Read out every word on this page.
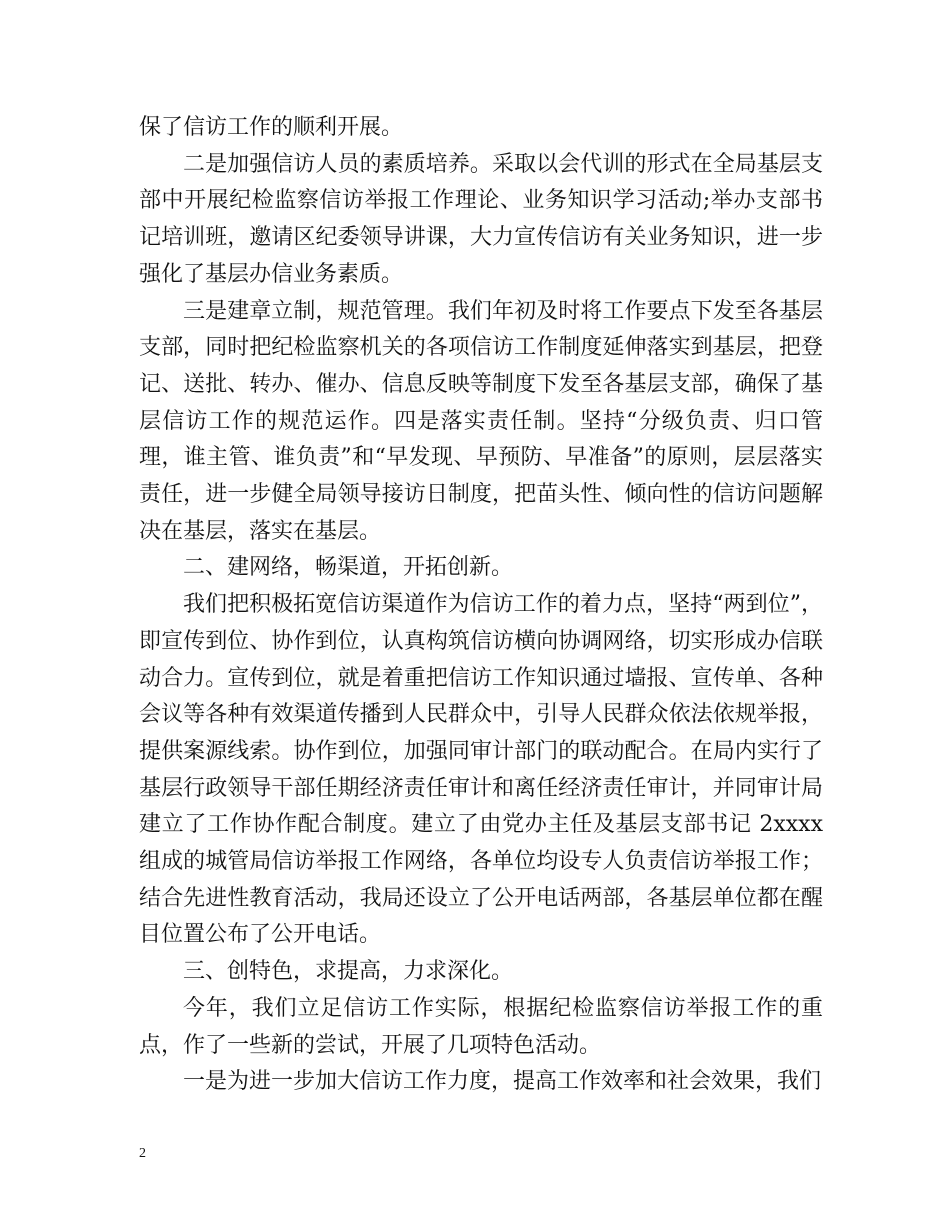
保了信访工作的顺利开展。

二是加强信访人员的素质培养。采取以会代训的形式在全局基层支部中开展纪检监察信访举报工作理论、业务知识学习活动;举办支部书记培训班，邀请区纪委领导讲课，大力宣传信访有关业务知识，进一步强化了基层办信业务素质。

三是建章立制，规范管理。我们年初及时将工作要点下发至各基层支部，同时把纪检监察机关的各项信访工作制度延伸落实到基层，把登记、送批、转办、催办、信息反映等制度下发至各基层支部，确保了基层信访工作的规范运作。四是落实责任制。坚持“分级负责、归口管理，谁主管、谁负责”和“早发现、早预防、早准备”的原则，层层落实责任，进一步健全局领导接访日制度，把苗头性、倾向性的信访问题解决在基层，落实在基层。

二、建网络，畅渠道，开拓创新。

我们把积极拓宽信访渠道作为信访工作的着力点，坚持“两到位”，即宣传到位、协作到位，认真构筑信访横向协调网络，切实形成办信联动合力。宣传到位，就是着重把信访工作知识通过墙报、宣传单、各种会议等各种有效渠道传播到人民群众中，引导人民群众依法依规举报，提供案源线索。协作到位，加强同审计部门的联动配合。在局内实行了基层行政领导干部任期经济责任审计和离任经济责任审计，并同审计局建立了工作协作配合制度。建立了由党办主任及基层支部书记 2xxxx 组成的城管局信访举报工作网络，各单位均设专人负责信访举报工作；结合先进性教育活动，我局还设立了公开电话两部，各基层单位都在醒目位置公布了公开电话。

三、创特色，求提高，力求深化。

今年，我们立足信访工作实际，根据纪检监察信访举报工作的重点，作了一些新的尝试，开展了几项特色活动。

一是为进一步加大信访工作力度，提高工作效率和社会效果，我们

2
